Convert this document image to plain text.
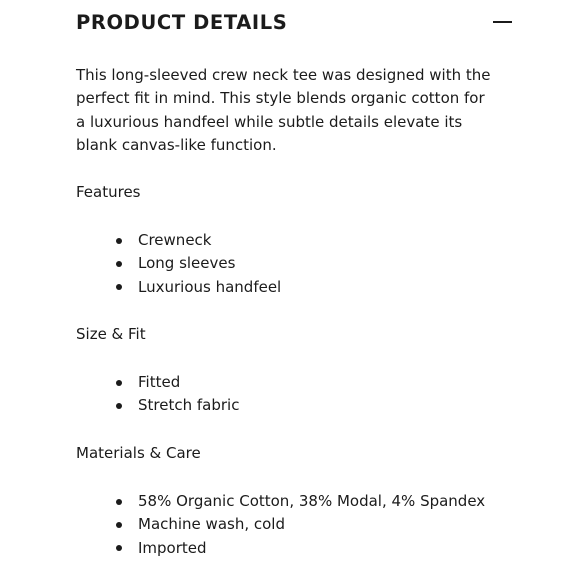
PRODUCT DETAILS

This long-sleeved crew neck tee was designed with the perfect fit in mind. This style blends organic cotton for a luxurious handfeel while subtle details elevate its blank canvas-like function.

Features

Crewneck
Long sleeves
Luxurious handfeel

Size & Fit

Fitted
Stretch fabric

Materials & Care

58% Organic Cotton, 38% Modal, 4% Spandex
Machine wash, cold
Imported
